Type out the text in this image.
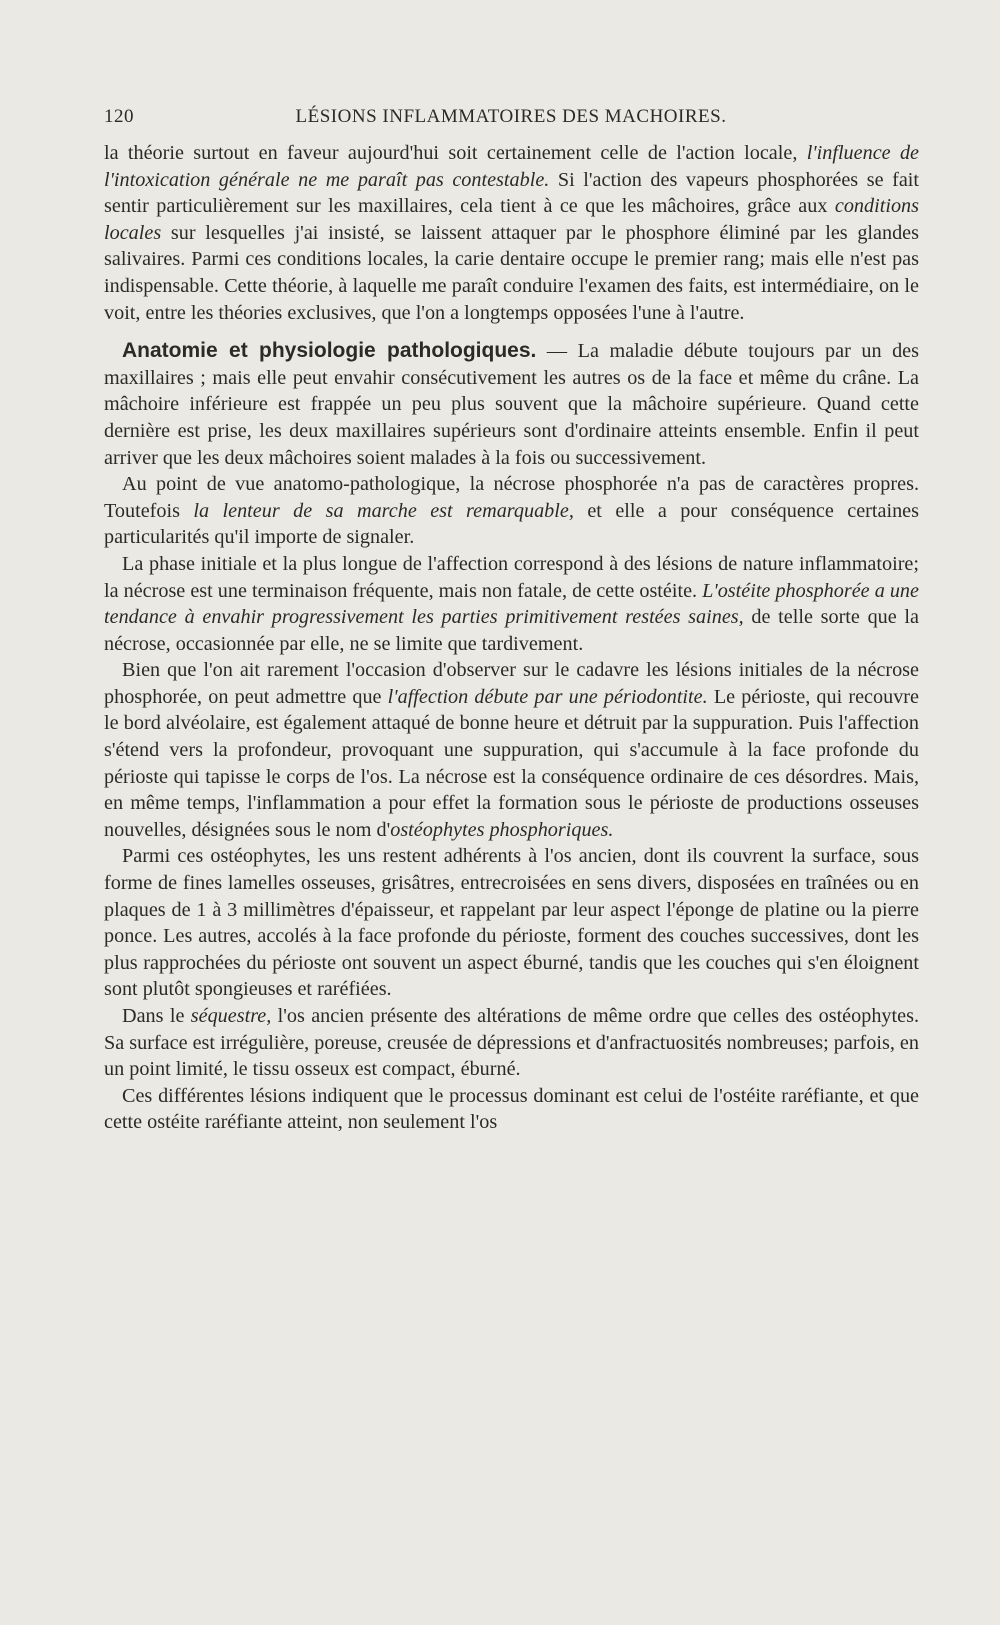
120	LÉSIONS INFLAMMATOIRES DES MACHOIRES.

la théorie surtout en faveur aujourd'hui soit certainement celle de l'action locale, l'influence de l'intoxication générale ne me paraît pas contestable. Si l'action des vapeurs phosphorées se fait sentir particulièrement sur les maxillaires, cela tient à ce que les mâchoires, grâce aux conditions locales sur lesquelles j'ai insisté, se laissent attaquer par le phosphore éliminé par les glandes salivaires. Parmi ces conditions locales, la carie dentaire occupe le premier rang; mais elle n'est pas indispensable. Cette théorie, à laquelle me paraît conduire l'examen des faits, est intermédiaire, on le voit, entre les théories exclusives, que l'on a longtemps opposées l'une à l'autre.

Anatomie et physiologie pathologiques. — La maladie débute toujours par un des maxillaires ; mais elle peut envahir consécutivement les autres os de la face et même du crâne. La mâchoire inférieure est frappée un peu plus souvent que la mâchoire supérieure. Quand cette dernière est prise, les deux maxillaires supérieurs sont d'ordinaire atteints ensemble. Enfin il peut arriver que les deux mâchoires soient malades à la fois ou successivement.

Au point de vue anatomo-pathologique, la nécrose phosphorée n'a pas de caractères propres. Toutefois la lenteur de sa marche est remarquable, et elle a pour conséquence certaines particularités qu'il importe de signaler.

La phase initiale et la plus longue de l'affection correspond à des lésions de nature inflammatoire; la nécrose est une terminaison fréquente, mais non fatale, de cette ostéite. L'ostéite phosphorée a une tendance à envahir progressivement les parties primitivement restées saines, de telle sorte que la nécrose, occasionnée par elle, ne se limite que tardivement.

Bien que l'on ait rarement l'occasion d'observer sur le cadavre les lésions initiales de la nécrose phosphorée, on peut admettre que l'affection débute par une périodontite. Le périoste, qui recouvre le bord alvéolaire, est également attaqué de bonne heure et détruit par la suppuration. Puis l'affection s'étend vers la profondeur, provoquant une suppuration, qui s'accumule à la face profonde du périoste qui tapisse le corps de l'os. La nécrose est la conséquence ordinaire de ces désordres. Mais, en même temps, l'inflammation a pour effet la formation sous le périoste de productions osseuses nouvelles, désignées sous le nom d'ostéophytes phosphoriques.

Parmi ces ostéophytes, les uns restent adhérents à l'os ancien, dont ils couvrent la surface, sous forme de fines lamelles osseuses, grisâtres, entrecroisées en sens divers, disposées en traînées ou en plaques de 1 à 3 millimètres d'épaisseur, et rappelant par leur aspect l'éponge de platine ou la pierre ponce. Les autres, accolés à la face profonde du périoste, forment des couches successives, dont les plus rapprochées du périoste ont souvent un aspect éburné, tandis que les couches qui s'en éloignent sont plutôt spongieuses et raréfiées.

Dans le séquestre, l'os ancien présente des altérations de même ordre que celles des ostéophytes. Sa surface est irrégulière, poreuse, creusée de dépressions et d'anfractuosités nombreuses; parfois, en un point limité, le tissu osseux est compact, éburné.

Ces différentes lésions indiquent que le processus dominant est celui de l'ostéite raréfiante, et que cette ostéite raréfiante atteint, non seulement l'os
